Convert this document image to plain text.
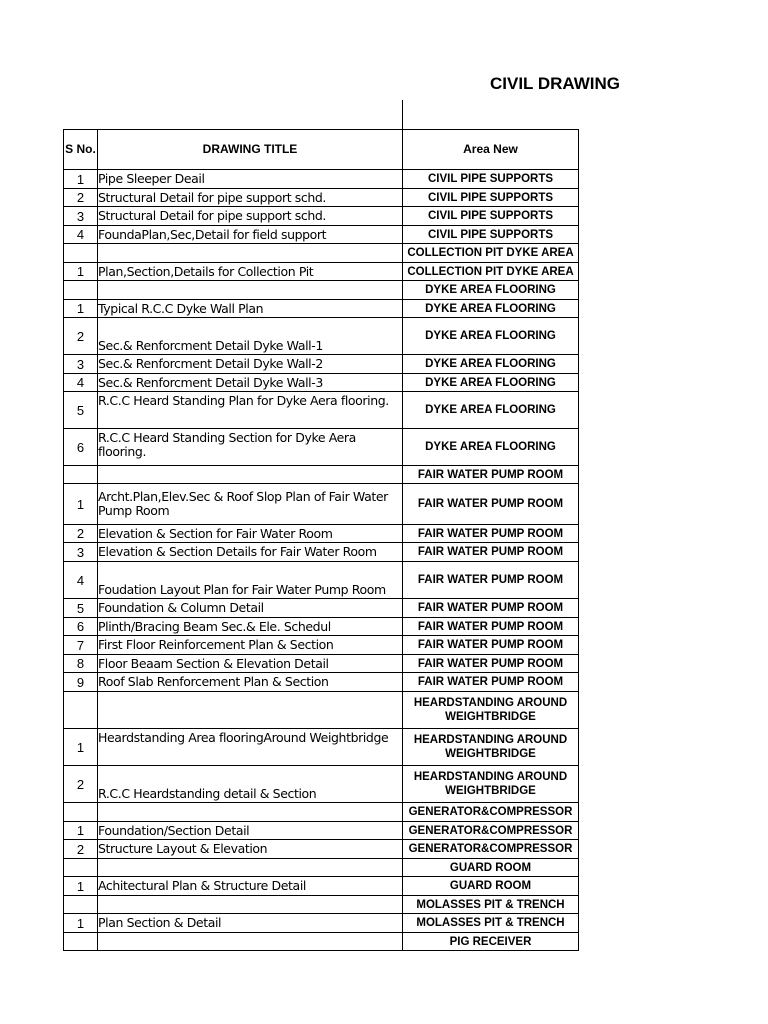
CIVIL DRAWING
S No.	DRAWING TITLE	Area New
1	Pipe Sleeper Deail	CIVIL PIPE SUPPORTS
2	Structural Detail for pipe support schd.	CIVIL PIPE SUPPORTS
3	Structural Detail for pipe support schd.	CIVIL PIPE SUPPORTS
4	FoundaPlan,Sec,Detail for field support	CIVIL PIPE SUPPORTS
		COLLECTION PIT DYKE AREA
1	Plan,Section,Details for Collection Pit	COLLECTION PIT DYKE AREA
		DYKE AREA FLOORING
1	Typical R.C.C Dyke Wall Plan	DYKE AREA FLOORING
2	Sec.& Renforcment Detail Dyke Wall-1	DYKE AREA FLOORING
3	Sec.& Renforcment Detail Dyke Wall-2	DYKE AREA FLOORING
4	Sec.& Renforcment Detail Dyke Wall-3	DYKE AREA FLOORING
5	R.C.C Heard Standing Plan for Dyke Aera flooring.	DYKE AREA FLOORING
6	R.C.C Heard Standing Section for Dyke Aera flooring.	DYKE AREA FLOORING
		FAIR WATER PUMP ROOM
1	Archt.Plan,Elev.Sec & Roof Slop Plan of Fair Water Pump Room	FAIR WATER PUMP ROOM
2	Elevation & Section for Fair Water Room	FAIR WATER PUMP ROOM
3	Elevation & Section Details for Fair Water Room	FAIR WATER PUMP ROOM
4	Foudation Layout Plan for Fair Water Pump Room	FAIR WATER PUMP ROOM
5	Foundation & Column Detail	FAIR WATER PUMP ROOM
6	Plinth/Bracing Beam Sec.& Ele. Schedul	FAIR WATER PUMP ROOM
7	First Floor Reinforcement Plan & Section	FAIR WATER PUMP ROOM
8	Floor Beaam Section & Elevation Detail	FAIR WATER PUMP ROOM
9	Roof Slab Renforcement Plan & Section	FAIR WATER PUMP ROOM
		HEARDSTANDING AROUND WEIGHTBRIDGE
1	Heardstanding Area flooringAround Weightbridge	HEARDSTANDING AROUND WEIGHTBRIDGE
2	R.C.C Heardstanding detail & Section	HEARDSTANDING AROUND WEIGHTBRIDGE
		GENERATOR&COMPRESSOR
1	Foundation/Section Detail	GENERATOR&COMPRESSOR
2	Structure Layout & Elevation	GENERATOR&COMPRESSOR
		GUARD ROOM
1	Achitectural Plan & Structure Detail	GUARD ROOM
		MOLASSES PIT & TRENCH
1	Plan Section & Detail	MOLASSES PIT & TRENCH
		PIG RECEIVER
